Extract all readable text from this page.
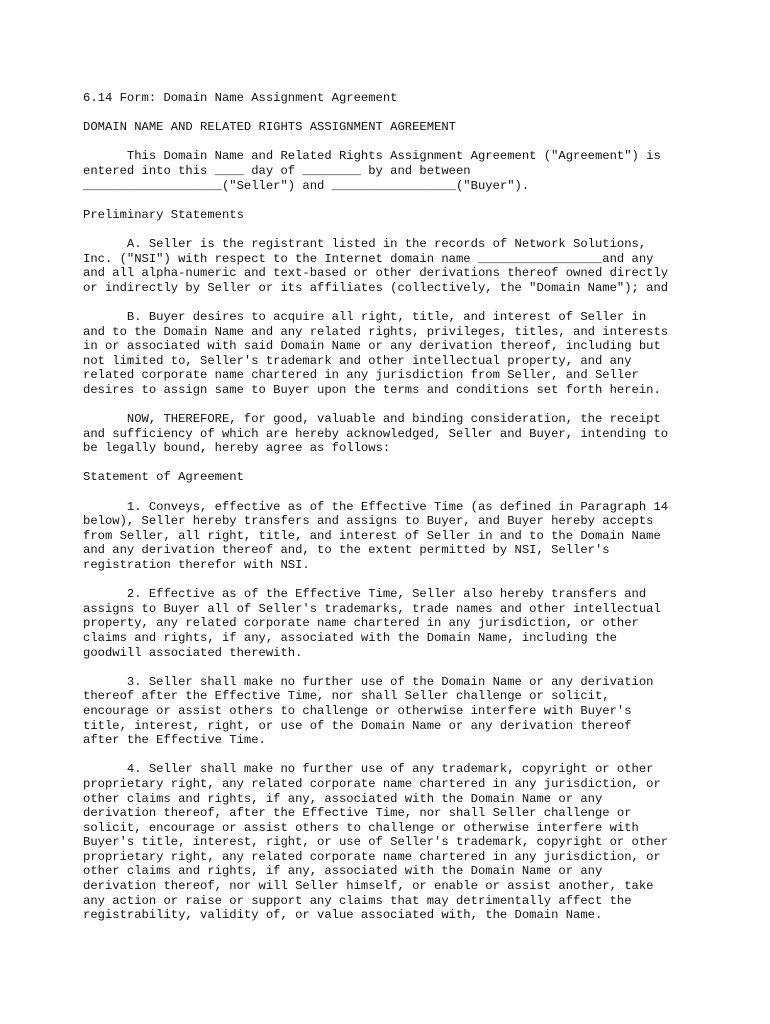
6.14 Form: Domain Name Assignment Agreement
DOMAIN NAME AND RELATED RIGHTS ASSIGNMENT AGREEMENT
This Domain Name and Related Rights Assignment Agreement ("Agreement") is
entered into this ____ day of ________ by and between
___________________("Seller") and _________________("Buyer").
Preliminary Statements
A. Seller is the registrant listed in the records of Network Solutions,
Inc. ("NSI") with respect to the Internet domain name _________________and any
and all alpha-numeric and text-based or other derivations thereof owned directly
or indirectly by Seller or its affiliates (collectively, the "Domain Name"); and
B. Buyer desires to acquire all right, title, and interest of Seller in
and to the Domain Name and any related rights, privileges, titles, and interests
in or associated with said Domain Name or any derivation thereof, including but
not limited to, Seller's trademark and other intellectual property, and any
related corporate name chartered in any jurisdiction from Seller, and Seller
desires to assign same to Buyer upon the terms and conditions set forth herein.
NOW, THEREFORE, for good, valuable and binding consideration, the receipt
and sufficiency of which are hereby acknowledged, Seller and Buyer, intending to
be legally bound, hereby agree as follows:
Statement of Agreement
1. Conveys, effective as of the Effective Time (as defined in Paragraph 14
below), Seller hereby transfers and assigns to Buyer, and Buyer hereby accepts
from Seller, all right, title, and interest of Seller in and to the Domain Name
and any derivation thereof and, to the extent permitted by NSI, Seller's
registration therefor with NSI.
2. Effective as of the Effective Time, Seller also hereby transfers and
assigns to Buyer all of Seller's trademarks, trade names and other intellectual
property, any related corporate name chartered in any jurisdiction, or other
claims and rights, if any, associated with the Domain Name, including the
goodwill associated therewith.
3. Seller shall make no further use of the Domain Name or any derivation
thereof after the Effective Time, nor shall Seller challenge or solicit,
encourage or assist others to challenge or otherwise interfere with Buyer's
title, interest, right, or use of the Domain Name or any derivation thereof
after the Effective Time.
4. Seller shall make no further use of any trademark, copyright or other
proprietary right, any related corporate name chartered in any jurisdiction, or
other claims and rights, if any, associated with the Domain Name or any
derivation thereof, after the Effective Time, nor shall Seller challenge or
solicit, encourage or assist others to challenge or otherwise interfere with
Buyer's title, interest, right, or use of Seller's trademark, copyright or other
proprietary right, any related corporate name chartered in any jurisdiction, or
other claims and rights, if any, associated with the Domain Name or any
derivation thereof, nor will Seller himself, or enable or assist another, take
any action or raise or support any claims that may detrimentally affect the
registrability, validity of, or value associated with, the Domain Name.
